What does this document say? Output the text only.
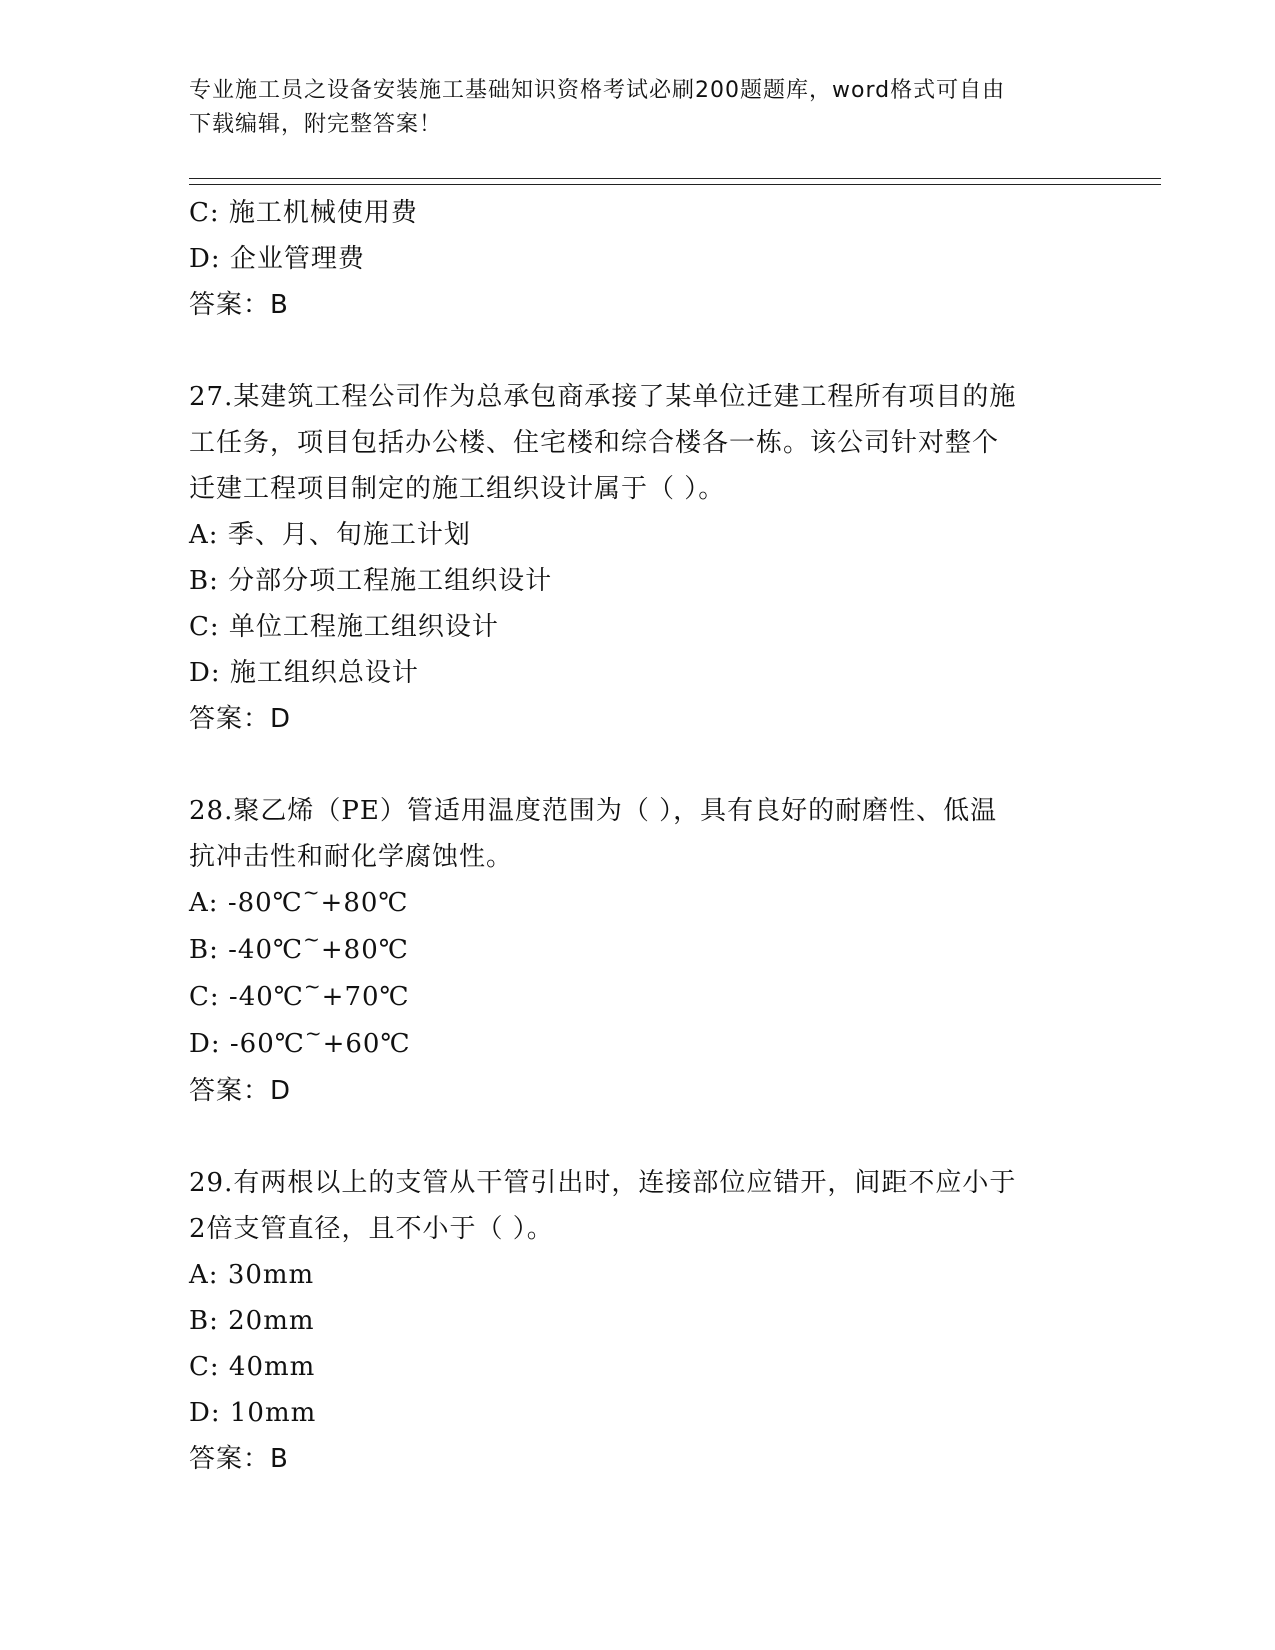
专业施工员之设备安装施工基础知识资格考试必刷200题题库，word格式可自由
下载编辑，附完整答案！
C: 施工机械使用费
D: 企业管理费
答案：B
27.某建筑工程公司作为总承包商承接了某单位迁建工程所有项目的施
工任务，项目包括办公楼、住宅楼和综合楼各一栋。该公司针对整个
迁建工程项目制定的施工组织设计属于（ ）。
A: 季、月、旬施工计划
B: 分部分项工程施工组织设计
C: 单位工程施工组织设计
D: 施工组织总设计
答案：D
28.聚乙烯（PE）管适用温度范围为（ ），具有良好的耐磨性、低温
抗冲击性和耐化学腐蚀性。
A: -80℃~+80℃
B: -40℃~+80℃
C: -40℃~+70℃
D: -60℃~+60℃
答案：D
29.有两根以上的支管从干管引出时，连接部位应错开，间距不应小于
2倍支管直径，且不小于（ ）。
A: 30mm
B: 20mm
C: 40mm
D: 10mm
答案：B
